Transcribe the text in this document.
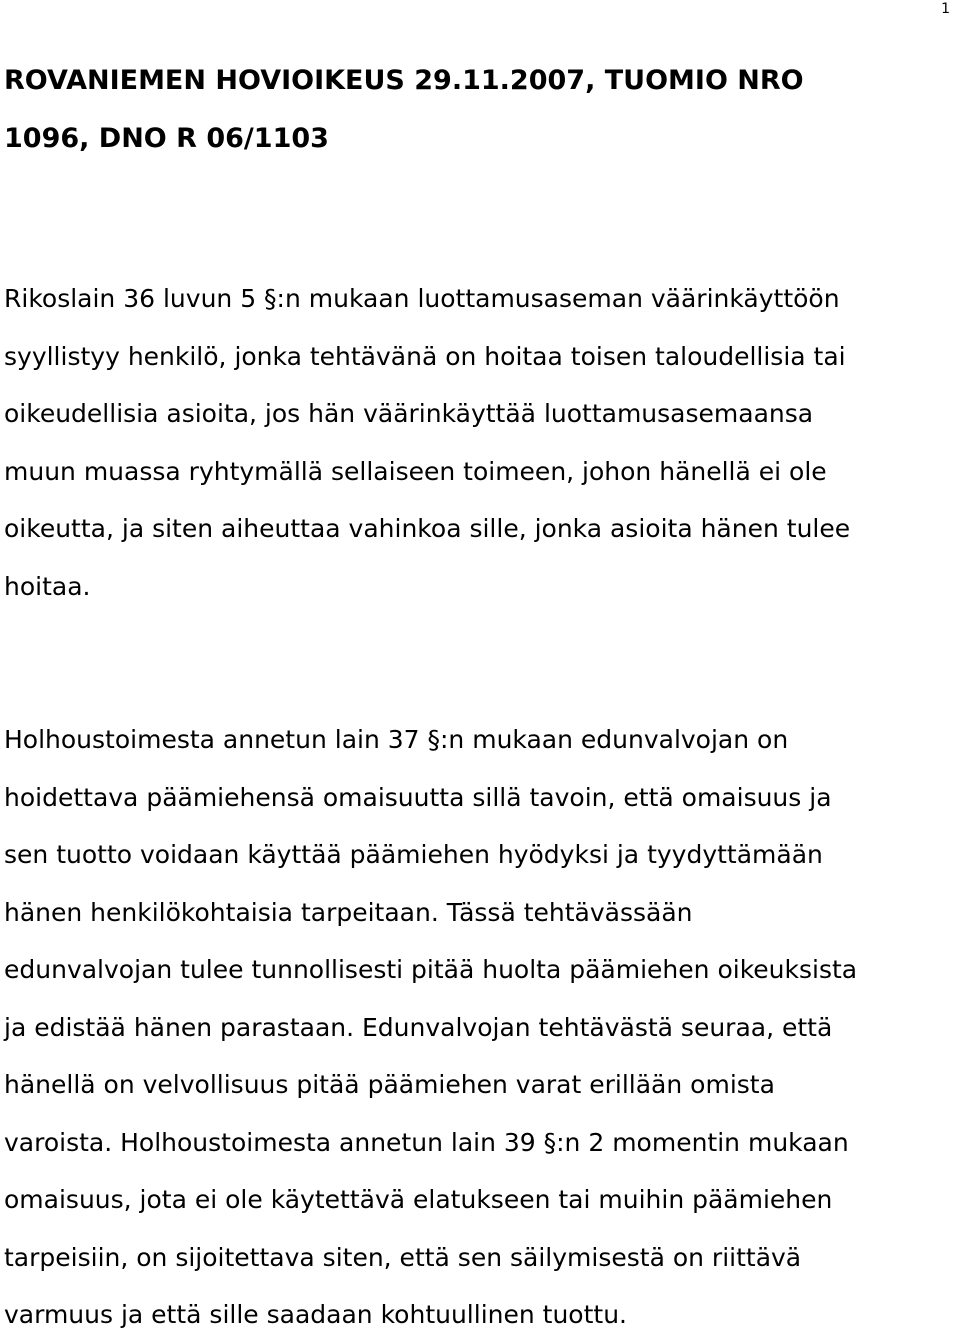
1
ROVANIEMEN HOVIOIKEUS 29.11.2007, TUOMIO NRO
1096, DNO R 06/1103

Rikoslain 36 luvun 5 §:n mukaan luottamusaseman väärinkäyttöön
syyllistyy henkilö, jonka tehtävänä on hoitaa toisen taloudellisia tai
oikeudellisia asioita, jos hän väärinkäyttää luottamusasemaansa
muun muassa ryhtymällä sellaiseen toimeen, johon hänellä ei ole
oikeutta, ja siten aiheuttaa vahinkoa sille, jonka asioita hänen tulee
hoitaa.

Holhoustoimesta annetun lain 37 §:n mukaan edunvalvojan on
hoidettava päämiehensä omaisuutta sillä tavoin, että omaisuus ja
sen tuotto voidaan käyttää päämiehen hyödyksi ja tyydyttämään
hänen henkilökohtaisia tarpeitaan. Tässä tehtävässään
edunvalvojan tulee tunnollisesti pitää huolta päämiehen oikeuksista
ja edistää hänen parastaan. Edunvalvojan tehtävästä seuraa, että
hänellä on velvollisuus pitää päämiehen varat erillään omista
varoista. Holhoustoimesta annetun lain 39 §:n 2 momentin mukaan
omaisuus, jota ei ole käytettävä elatukseen tai muihin päämiehen
tarpeisiin, on sijoitettava siten, että sen säilymisestä on riittävä
varmuus ja että sille saadaan kohtuullinen tuottu.
